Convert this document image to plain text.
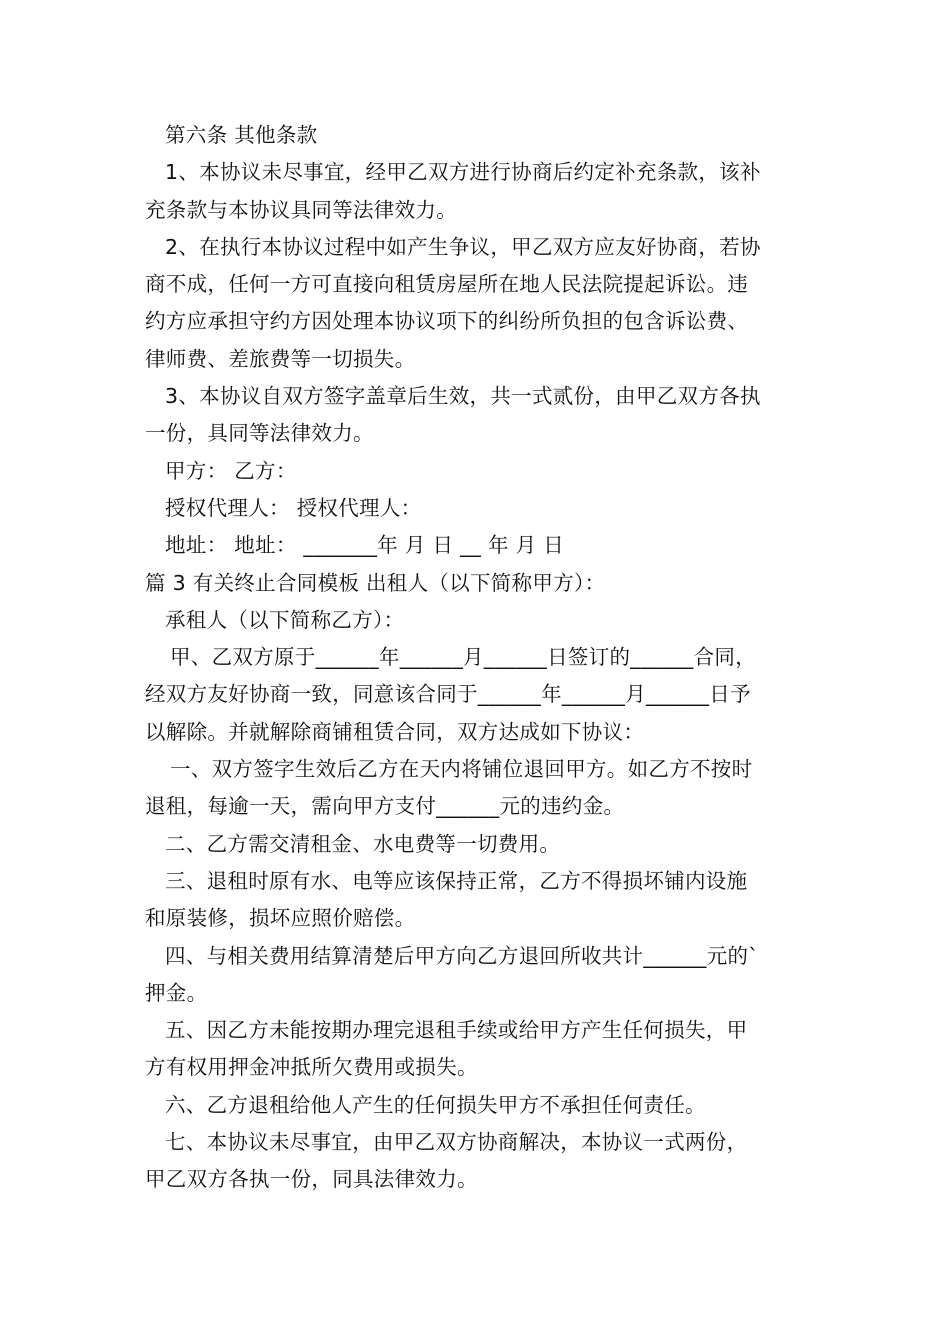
第六条 其他条款
1、本协议未尽事宜，经甲乙双方进行协商后约定补充条款，该补
充条款与本协议具同等法律效力。
2、在执行本协议过程中如产生争议，甲乙双方应友好协商，若协
商不成，任何一方可直接向租赁房屋所在地人民法院提起诉讼。违
约方应承担守约方因处理本协议项下的纠纷所负担的包含诉讼费、
律师费、差旅费等一切损失。
3、本协议自双方签字盖章后生效，共一式贰份，由甲乙双方各执
一份，具同等法律效力。
甲方： 乙方：
授权代理人： 授权代理人：
地址： 地址： _______年 月 日 __ 年 月 日
篇 3 有关终止合同模板 出租人（以下简称甲方）：
承租人（以下简称乙方）：
甲、乙双方原于______年______月______日签订的______合同，
经双方友好协商一致，同意该合同于______年______月______日予
以解除。并就解除商铺租赁合同，双方达成如下协议：
一、双方签字生效后乙方在天内将铺位退回甲方。如乙方不按时
退租，每逾一天，需向甲方支付______元的违约金。
二、乙方需交清租金、水电费等一切费用。
三、退租时原有水、电等应该保持正常，乙方不得损坏铺内设施
和原装修，损坏应照价赔偿。
四、与相关费用结算清楚后甲方向乙方退回所收共计______元的`
押金。
五、因乙方未能按期办理完退租手续或给甲方产生任何损失，甲
方有权用押金冲抵所欠费用或损失。
六、乙方退租给他人产生的任何损失甲方不承担任何责任。
七、本协议未尽事宜，由甲乙双方协商解决，本协议一式两份，
甲乙双方各执一份，同具法律效力。
